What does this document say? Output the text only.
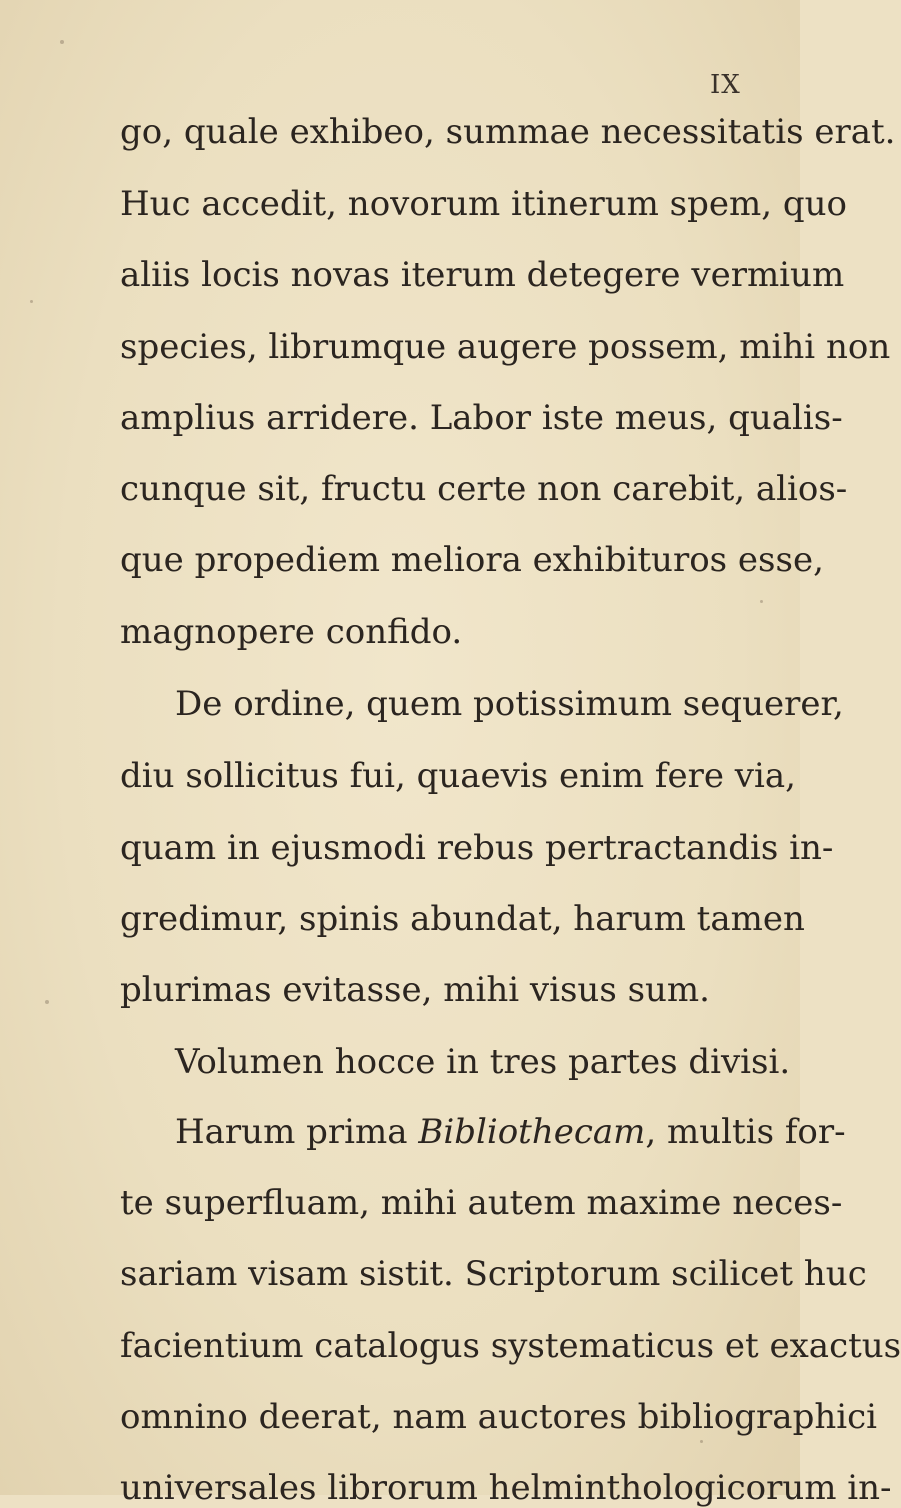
IX
go, quale exhibeo, summae necessitatis erat.
Huc accedit, novorum itinerum spem, quo
aliis locis novas iterum detegere vermium
species, librumque augere possem, mihi non
amplius arridere. Labor iste meus, qualis-
cunque sit, fructu certe non carebit, alios-
que propediem meliora exhibituros esse,
magnopere confido.
De ordine, quem potissimum sequerer,
diu sollicitus fui, quaevis enim fere via,
quam in ejusmodi rebus pertractandis in-
gredimur, spinis abundat, harum tamen
plurimas evitasse, mihi visus sum.
Volumen hocce in tres partes divisi.
Harum prima Bibliothecam, multis for-
te superfluam, mihi autem maxime neces-
sariam visam sistit. Scriptorum scilicet huc
facientium catalogus systematicus et exactus
omnino deerat, nam auctores bibliographici
universales librorum helminthologicorum in-
